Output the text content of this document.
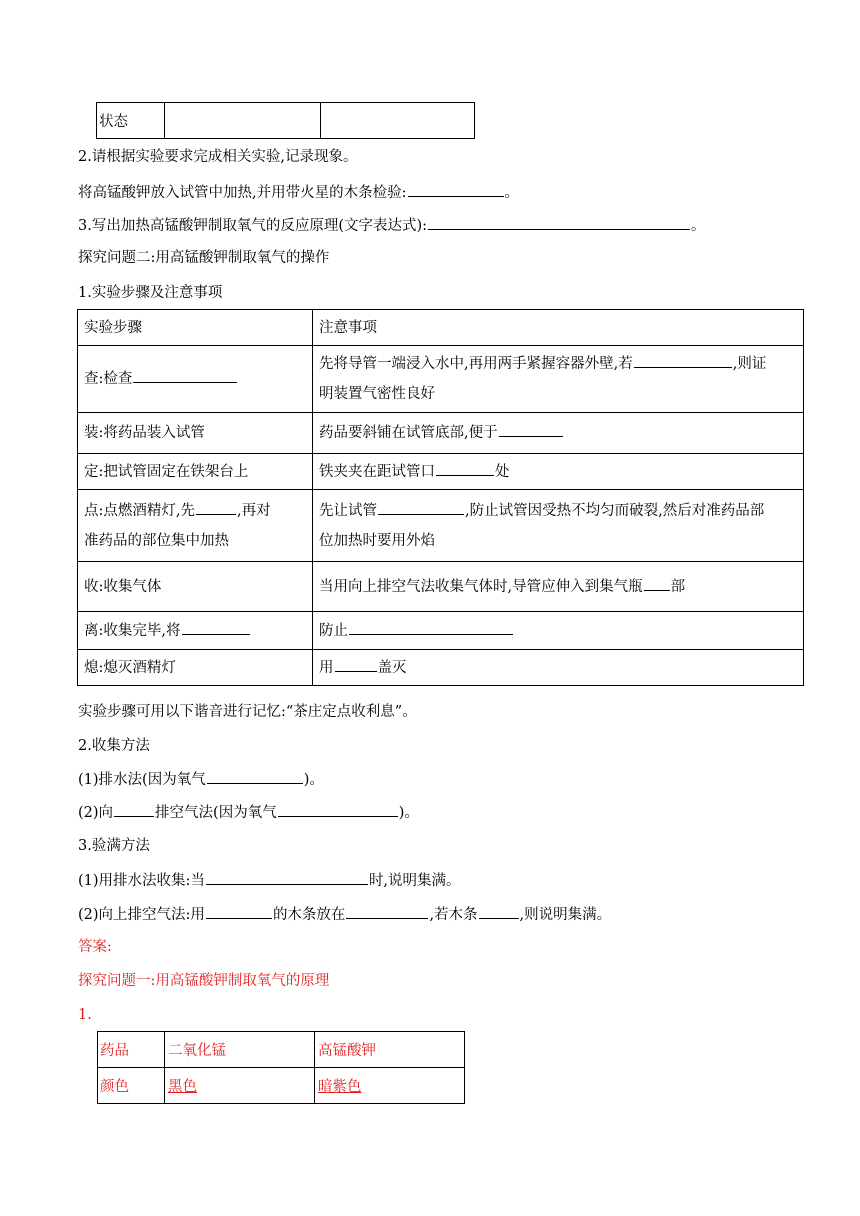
状态		
2.请根据实验要求完成相关实验,记录现象。
将高锰酸钾放入试管中加热,并用带火星的木条检验:	。
3.写出加热高锰酸钾制取氧气的反应原理(文字表达式):	。
探究问题二:用高锰酸钾制取氧气的操作
1.实验步骤及注意事项
实验步骤	注意事项
查:检查	先将导管一端浸入水中,再用两手紧握容器外壁,若 ,则证
明装置气密性良好
装:将药品装入试管	药品要斜铺在试管底部,便于
定:把试管固定在铁架台上	铁夹夹在距试管口 处
点:点燃酒精灯,先 ,再对
准药品的部位集中加热	先让试管 ,防止试管因受热不均匀而破裂,然后对准药品部
位加热时要用外焰
收:收集气体	当用向上排空气法收集气体时,导管应伸入到集气瓶 部
离:收集完毕,将	防止
熄:熄灭酒精灯	用 盖灭
实验步骤可用以下谐音进行记忆:“茶庄定点收利息”。
2.收集方法
(1)排水法(因为氧气	)。
(2)向	排空气法(因为氧气	)。
3.验满方法
(1)用排水法收集:当	时,说明集满。
(2)向上排空气法:用	的木条放在	,若木条	,则说明集满。
答案:
探究问题一:用高锰酸钾制取氧气的原理
1.
药品	二氧化锰	高锰酸钾
颜色	黑色	暗紫色
